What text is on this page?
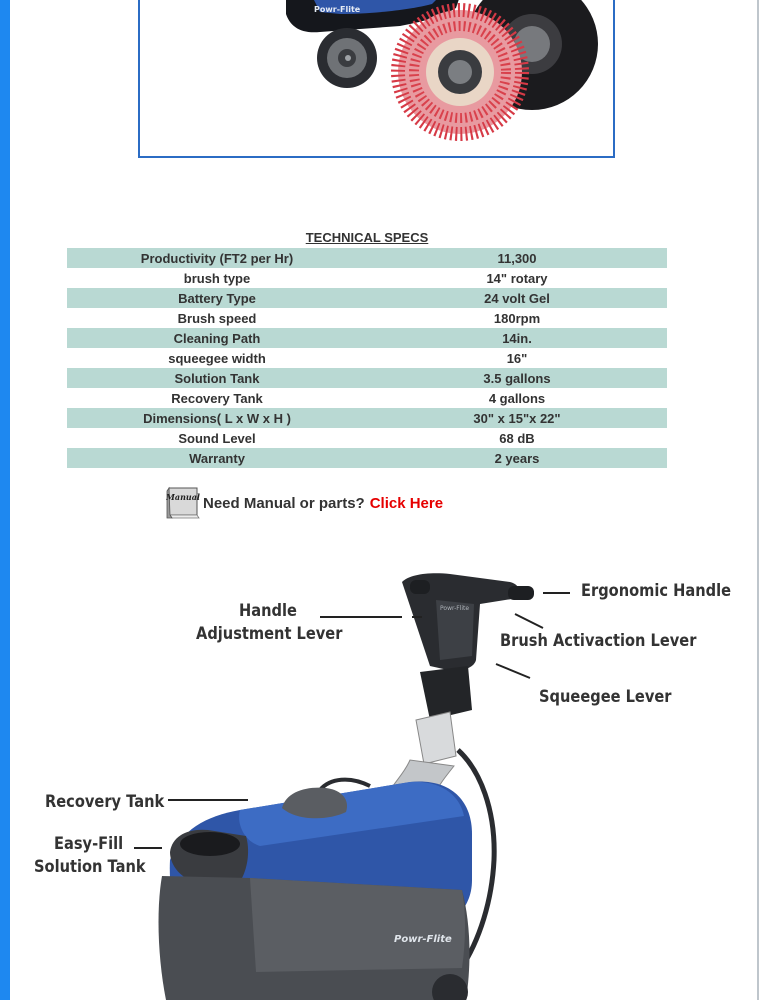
Powr-Flite
TECHNICAL SPECS
Productivity (FT2 per Hr)	11,300
brush type	14" rotary
Battery Type	24 volt Gel
Brush speed	180rpm
Cleaning Path	14in.
squeegee width	16"
Solution Tank	3.5 gallons
Recovery Tank	4 gallons
Dimensions( L x W x H )	30" x 15"x 22"
Sound Level	68 dB
Warranty	2 years
Manual Need Manual or parts? Click Here
Powr-Flite
Powr-Flite
Ergonomic Handle
Handle
Adjustment Lever	Brush Activaction Lever
Squeegee Lever
Recovery Tank
Easy-Fill
Solution Tank
